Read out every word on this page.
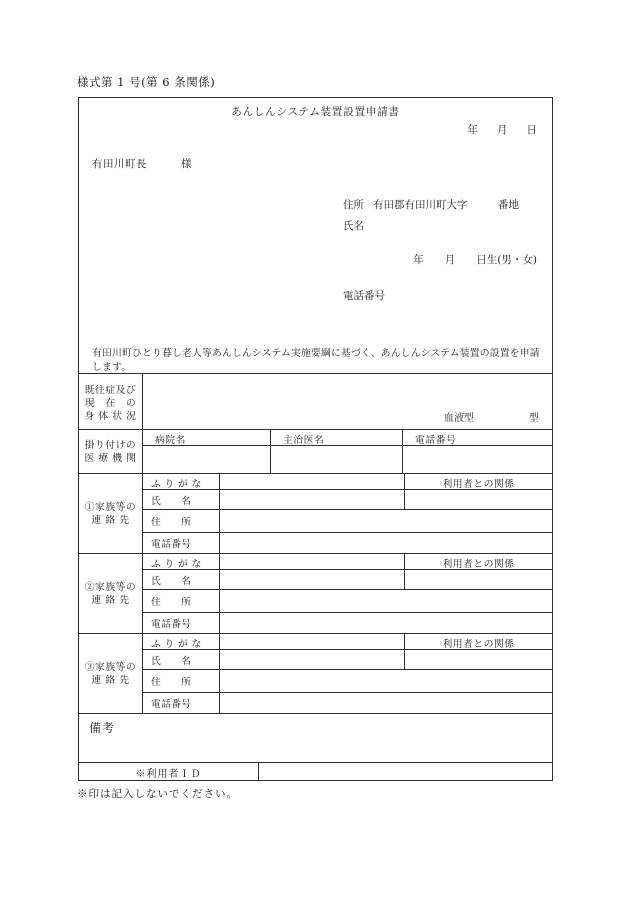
様式第 1 号(第 6 条関係)
あんしんシステム装置設置申請書
年 月 日
有田川町長	様
住所 有田郡有田川町大字	番地
氏名
年 月 日生(男・女)
電話番号
有田川町ひとり暮し老人等あんしんシステム実施要綱に基づく、あんしんシステム装置の設置を申請します。
既往症及び
現　在　の
身 体 状 況	血液型	型
掛り付けの
医 療 機 関
病院名	主治医名	電話番号
①家族等の
連 絡 先
ふ り が な	利用者との関係
氏　　名
住　　所
電話番号
②家族等の
連 絡 先
ふ り が な	利用者との関係
氏　　名
住　　所
電話番号
③家族等の
連 絡 先
ふ り が な	利用者との関係
氏　　名
住　　所
電話番号
備考
※利用者ＩＤ
※印は記入しないでください。
